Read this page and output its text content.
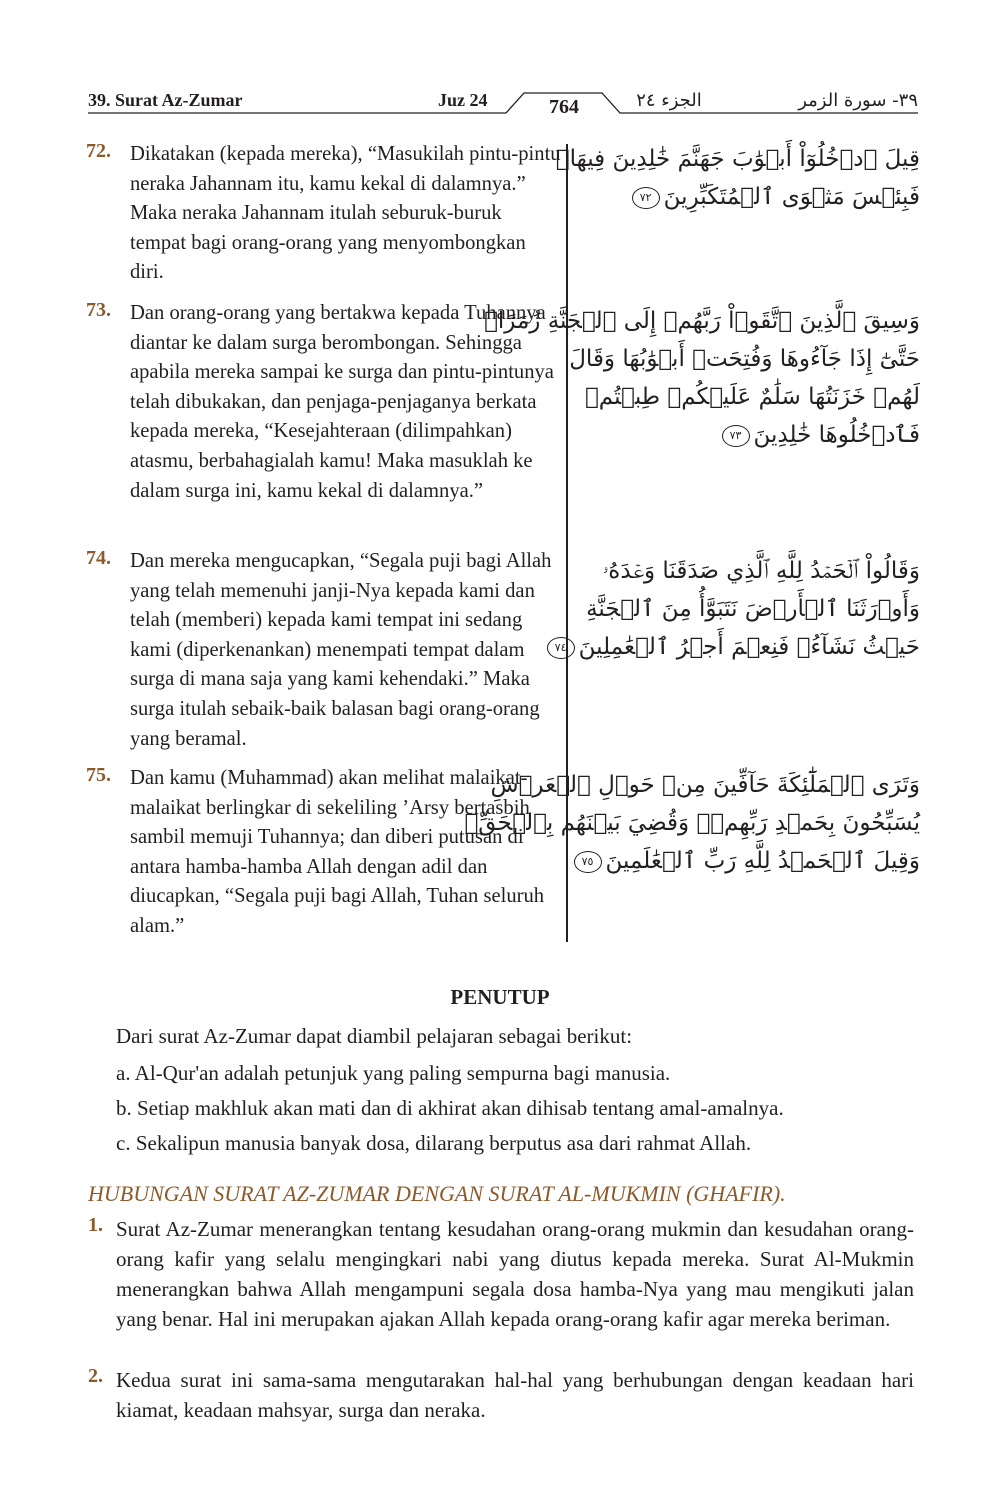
39. Surat Az-Zumar	Juz 24	764	الجزء ٢٤	٣٩- سورة الزمر
72. Dikatakan (kepada mereka), “Masukilah pintu-pintu neraka Jahannam itu, kamu kekal di dalamnya.” Maka neraka Jahannam itulah seburuk-buruk tempat bagi orang-orang yang menyombongkan diri.
قِيلَ ٱدۡخُلُوٓاْ أَبۡوَٰبَ جَهَنَّمَ خَٰلِدِينَ فِيهَاۖ
فَبِئۡسَ مَثۡوَى ٱلۡمُتَكَبِّرِينَ٧٢
73. Dan orang-orang yang bertakwa kepada Tuhannya diantar ke dalam surga berombongan. Sehingga apabila mereka sampai ke surga dan pintu-pintunya telah dibukakan, dan penjaga-penjaganya berkata kepada mereka, “Kesejahteraan (dilimpahkan) atasmu, berbahagialah kamu! Maka masuklah ke dalam surga ini, kamu kekal di dalamnya.”
وَسِيقَ ٱلَّذِينَ ٱتَّقَوۡاْ رَبَّهُمۡ إِلَى ٱلۡجَنَّةِ زُمَرًاۖ
حَتَّىٰٓ إِذَا جَآءُوهَا وَفُتِحَتۡ أَبۡوَٰبُهَا وَقَالَ
لَهُمۡ خَزَنَتُهَا سَلَٰمٌ عَلَيۡكُمۡ طِبۡتُمۡ
فَٱدۡخُلُوهَا خَٰلِدِينَ٧٣
74. Dan mereka mengucapkan, “Segala puji bagi Allah yang telah memenuhi janji-Nya kepada kami dan telah (memberi) kepada kami tempat ini sedang kami (diperkenankan) menempati tempat dalam surga di mana saja yang kami kehendaki.” Maka surga itulah sebaik-baik balasan bagi orang-orang yang beramal.
وَقَالُواْ ٱلۡحَمۡدُ لِلَّهِ ٱلَّذِي صَدَقَنَا وَعۡدَهُۥ
وَأَوۡرَثَنَا ٱلۡأَرۡضَ نَتَبَوَّأُ مِنَ ٱلۡجَنَّةِ
حَيۡثُ نَشَآءُۖ فَنِعۡمَ أَجۡرُ ٱلۡعَٰمِلِينَ٧٤
75. Dan kamu (Muhammad) akan melihat malaikat-malaikat berlingkar di sekeliling ’Arsy bertasbih sambil memuji Tuhannya; dan diberi putusan di antara hamba-hamba Allah dengan adil dan diucapkan, “Segala puji bagi Allah, Tuhan seluruh alam.”
وَتَرَى ٱلۡمَلَٰٓئِكَةَ حَآفِّينَ مِنۡ حَوۡلِ ٱلۡعَرۡشِ
يُسَبِّحُونَ بِحَمۡدِ رَبِّهِمۡۚ وَقُضِيَ بَيۡنَهُم بِٱلۡحَقِّۚ
وَقِيلَ ٱلۡحَمۡدُ لِلَّهِ رَبِّ ٱلۡعَٰلَمِينَ٧٥
PENUTUP
Dari surat Az-Zumar dapat diambil pelajaran sebagai berikut:
a. Al-Qur'an adalah petunjuk yang paling sempurna bagi manusia.
b. Setiap makhluk akan mati dan di akhirat akan dihisab tentang amal-amalnya.
c. Sekalipun manusia banyak dosa, dilarang berputus asa dari rahmat Allah.
HUBUNGAN SURAT AZ-ZUMAR DENGAN SURAT AL-MUKMIN (GHAFIR).
1. Surat Az-Zumar menerangkan tentang kesudahan orang-orang mukmin dan kesudahan orang-orang kafir yang selalu mengingkari nabi yang diutus kepada mereka. Surat Al-Mukmin menerangkan bahwa Allah mengampuni segala dosa hamba-Nya yang mau mengikuti jalan yang benar. Hal ini merupakan ajakan Allah kepada orang-orang kafir agar mereka beriman.
2. Kedua surat ini sama-sama mengutarakan hal-hal yang berhubungan dengan keadaan hari kiamat, keadaan mahsyar, surga dan neraka.
